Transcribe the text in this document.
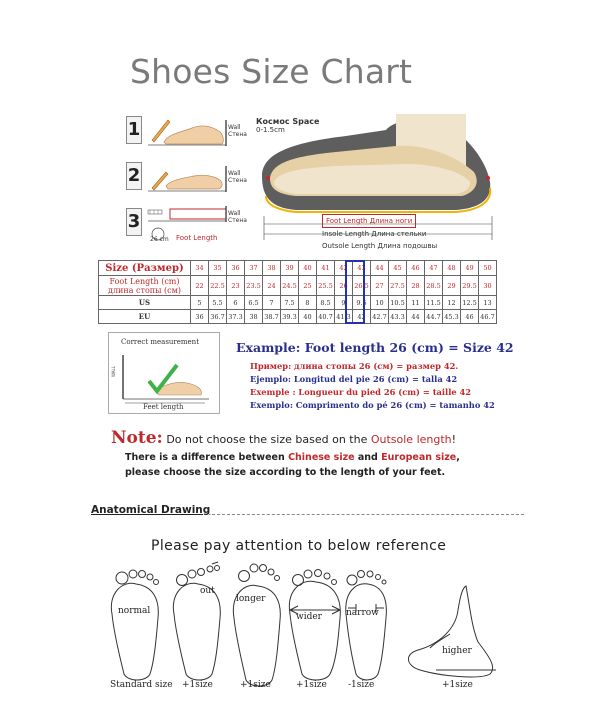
Shoes Size Chart
1	Wall Стена
2	Wall Стена
3	Wall Стена
Foot Length
26 cm
Космос Space
0-1.5cm
Foot Length Длина ноги
Insole Length Длина стельки
Outsole Length Длина подошвы
Size (Размер)	34	35	36	37	38	39	40	41	42	43	44	45	46	47	48	49	50
Foot Length (cm) длина стопы (см)	22	22.5	23	23.5	24	24.5	25	25.5	26	26.5	27	27.5	28	28.5	29	29.5	30
US	5	5.5	6	6.5	7	7.5	8	8.5	9	9.5	10	10.5	11	11.5	12	12.5	13
EU	36	36.7	37.3	38	38.7	39.3	40	40.7	41.3	42	42.7	43.3	44	44.7	45.3	46	46.7
Correct measurement
WALL
Feet length
Example: Foot length 26 (cm) = Size 42
Пример: длина стопы 26 (см) = размер 42.
Ejemplo: Longitud del pie 26 (cm) = talla 42
Exemple : Longueur du pied 26 (cm) = taille 42
Exemplo: Comprimento do pé 26 (cm) = tamanho 42
Note: Do not choose the size based on the Outsole length!
There is a difference between Chinese size and European size,
please choose the size according to the length of your feet.
Anatomical Drawing
Please pay attention to below reference
normal
out
longer
wider	narrow
higher
Standard size +1size	+1size	+1size -1size	+1size
